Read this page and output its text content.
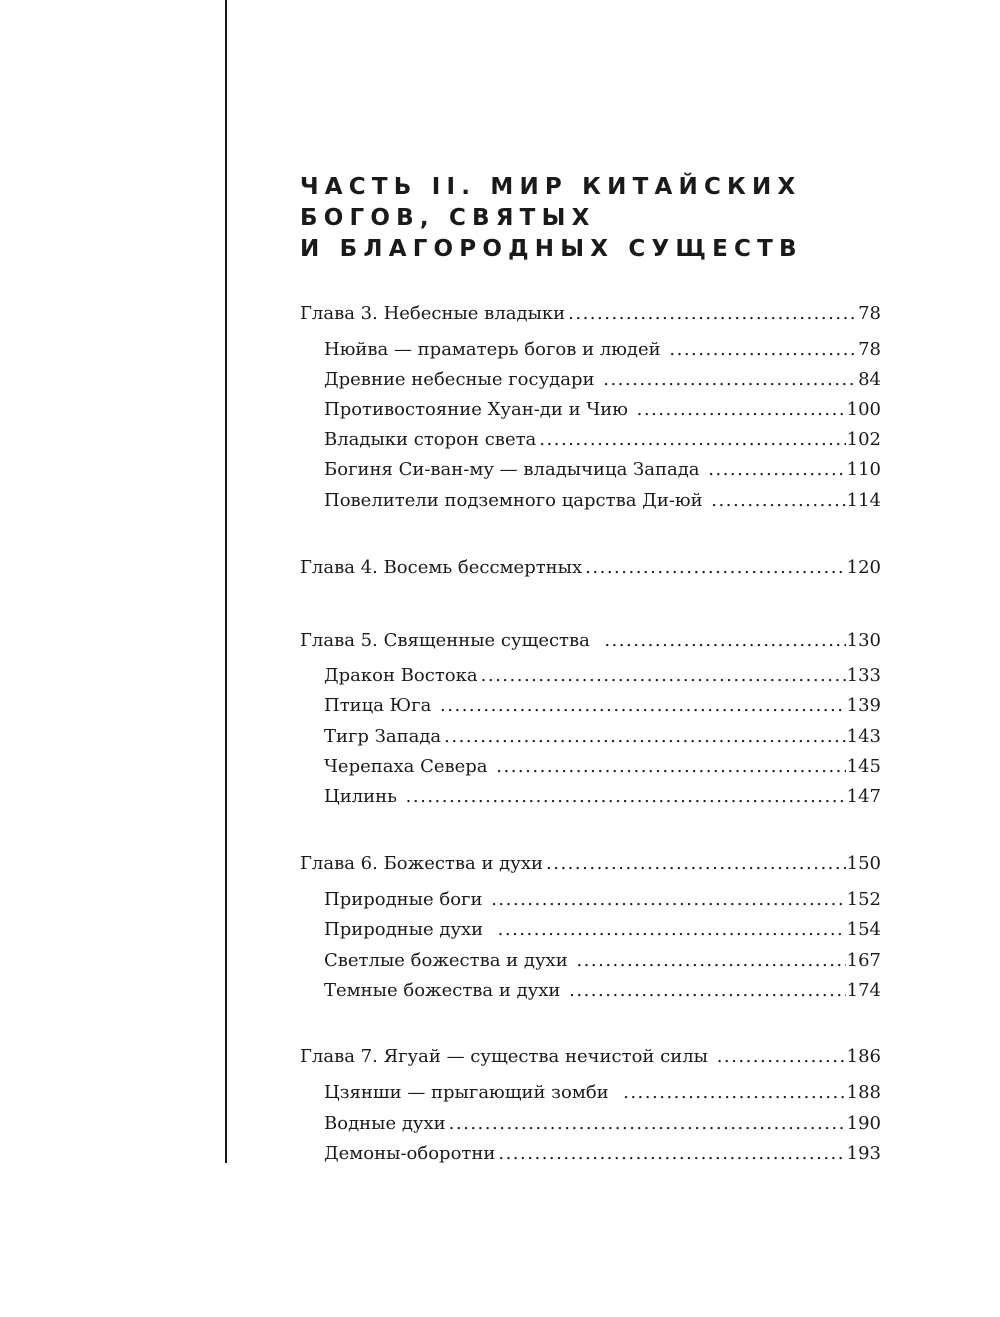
ЧАСТЬ II. МИР КИТАЙСКИХ
БОГОВ, СВЯТЫХ
И БЛАГОРОДНЫХ СУЩЕСТВ
Глава 3. Небесные владыки .....	78
Нюйва — праматерь богов и людей .....	78
Древние небесные государи .....	84
Противостояние Хуан-ди и Чию .....	100
Владыки сторон света .....	102
Богиня Си-ван-му — владычица Запада .....	110
Повелители подземного царства Ди-юй .....	114
Глава 4. Восемь бессмертных .....	120
Глава 5. Священные существа .....	130
Дракон Востока .....	133
Птица Юга .....	139
Тигр Запада .....	143
Черепаха Севера .....	145
Цилинь .....	147
Глава 6. Божества и духи .....	150
Природные боги .....	152
Природные духи .....	154
Светлые божества и духи .....	167
Темные божества и духи .....	174
Глава 7. Ягуай — существа нечистой силы .....	186
Цзянши — прыгающий зомби .....	188
Водные духи .....	190
Демоны-оборотни .....	193
